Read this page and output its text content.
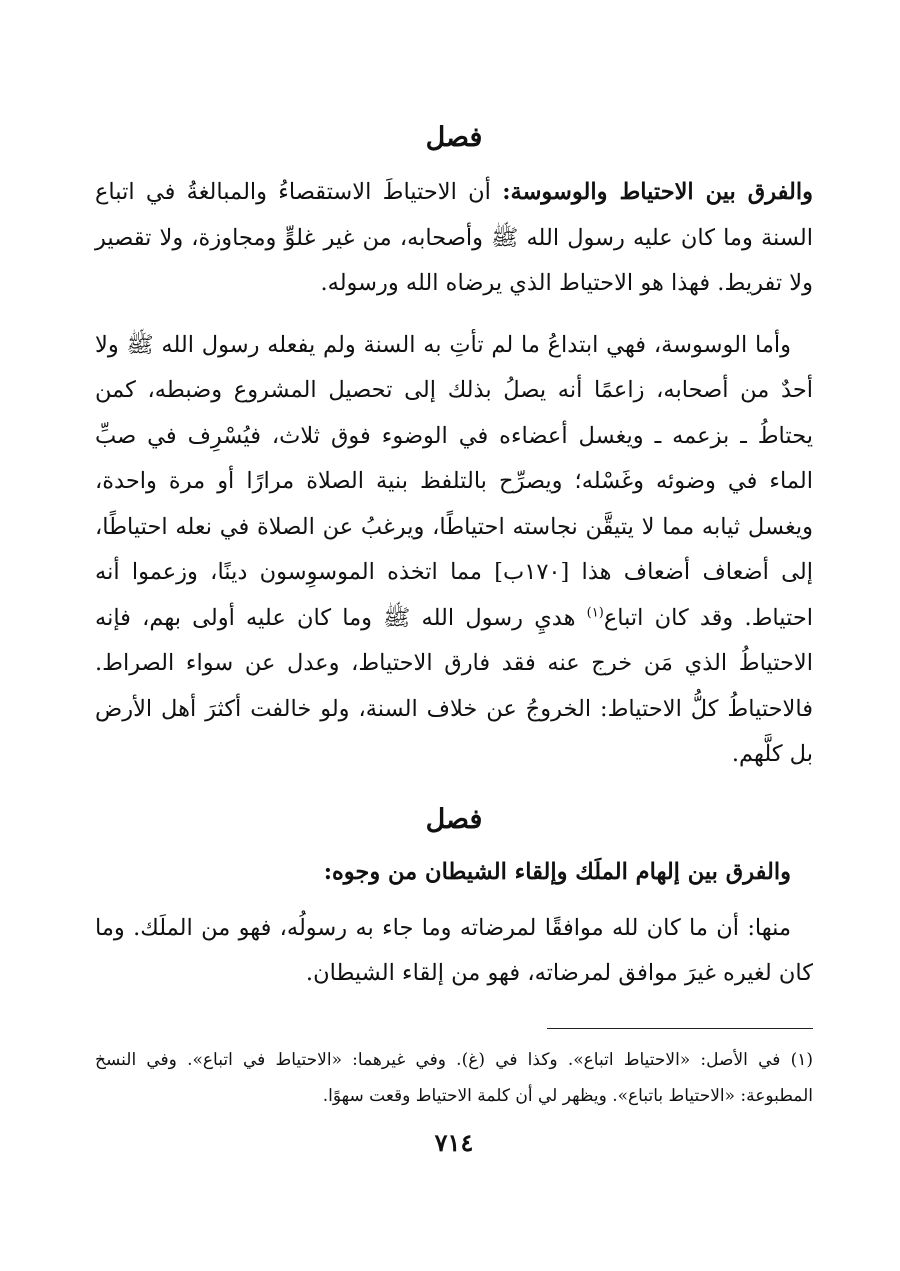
فصل

والفرق بين الاحتياط والوسوسة: أن الاحتياطَ الاستقصاءُ والمبالغةُ في اتباع السنة وما كان عليه رسول الله ﷺ وأصحابه، من غير غلوٍّ ومجاوزة، ولا تقصير ولا تفريط. فهذا هو الاحتياط الذي يرضاه الله ورسوله.

وأما الوسوسة، فهي ابتداعُ ما لم تأتِ به السنة ولم يفعله رسول الله ﷺ ولا أحدٌ من أصحابه، زاعمًا أنه يصلُ بذلك إلى تحصيل المشروع وضبطه، كمن يحتاطُ ـ بزعمه ـ ويغسل أعضاءه في الوضوء فوق ثلاث، فيُسْرِف في صبِّ الماء في وضوئه وغَسْله؛ ويصرِّح بالتلفظ بنية الصلاة مرارًا أو مرة واحدة، ويغسل ثيابه مما لا يتيقَّن نجاسته احتياطًا، ويرغبُ عن الصلاة في نعله احتياطًا، إلى أضعاف أضعاف هذا [١٧٠ب] مما اتخذه الموسوِسون دينًا، وزعموا أنه احتياط. وقد كان اتباع$^{(١)}$ هديِ رسول الله ﷺ وما كان عليه أولى بهم، فإنه الاحتياطُ الذي مَن خرج عنه فقد فارق الاحتياط، وعدل عن سواء الصراط. فالاحتياطُ كلُّ الاحتياط: الخروجُ عن خلاف السنة، ولو خالفت أكثرَ أهل الأرض بل كلَّهم.

فصل

والفرق بين إلهام الملَك وإلقاء الشيطان من وجوه:

منها: أن ما كان لله موافقًا لمرضاته وما جاء به رسولُه، فهو من الملَك. وما كان لغيره غيرَ موافق لمرضاته، فهو من إلقاء الشيطان.

(١) في الأصل: «الاحتياط اتباع». وكذا في (غ). وفي غيرهما: «الاحتياط في اتباع». وفي النسخ المطبوعة: «الاحتياط باتباع». ويظهر لي أن كلمة الاحتياط وقعت سهوًا.

٧١٤
